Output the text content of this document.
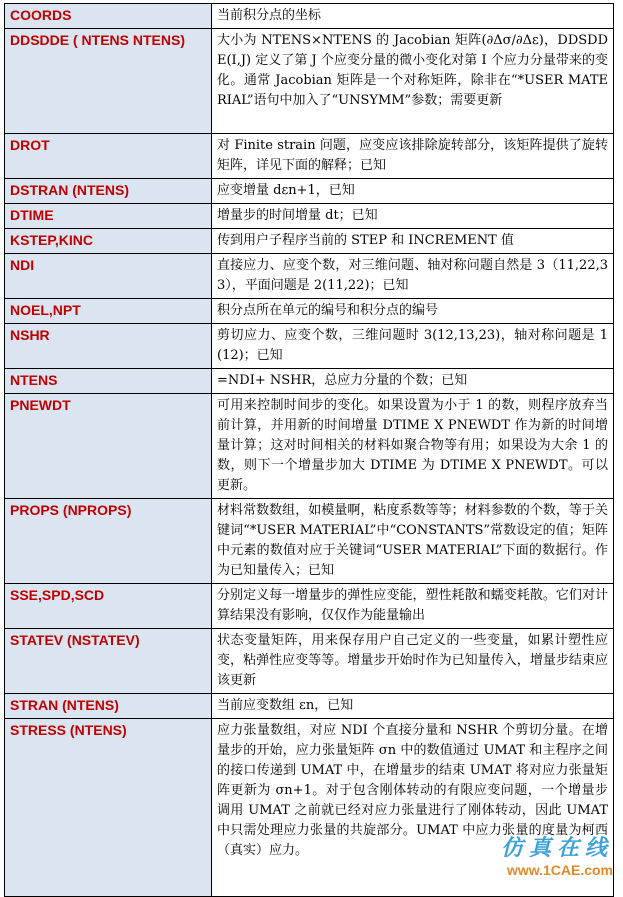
COORDS	当前积分点的坐标
DDSDDE ( NTENS NTENS)	大小为 NTENS×NTENS 的 Jacobian 矩阵(∂Δσ/∂Δε)，DDSDDE(I,J) 定义了第 J 个应变分量的微小变化对第 I 个应力分量带来的变化。通常 Jacobian 矩阵是一个对称矩阵，除非在“*USER MATERIAL”语句中加入了“UNSYMM”参数；需要更新
DROT	对 Finite strain 问题，应变应该排除旋转部分，该矩阵提供了旋转矩阵，详见下面的解释；已知
DSTRAN (NTENS)	应变增量 dεn+1，已知
DTIME	增量步的时间增量 dt；已知
KSTEP,KINC	传到用户子程序当前的 STEP 和 INCREMENT 值
NDI	直接应力、应变个数，对三维问题、轴对称问题自然是 3（11,22,33），平面问题是 2(11,22)；已知
NOEL,NPT	积分点所在单元的编号和积分点的编号
NSHR	剪切应力、应变个数，三维问题时 3(12,13,23)，轴对称问题是 1(12)；已知
NTENS	=NDI+ NSHR，总应力分量的个数；已知
PNEWDT	可用来控制时间步的变化。如果设置为小于 1 的数，则程序放弃当前计算，并用新的时间增量 DTIME X PNEWDT 作为新的时间增量计算；这对时间相关的材料如聚合物等有用；如果设为大余 1 的数，则下一个增量步加大 DTIME 为 DTIME X PNEWDT。可以更新。
PROPS (NPROPS)	材料常数数组，如模量啊，粘度系数等等；材料参数的个数，等于关键词“*USER MATERIAL”中“CONSTANTS”常数设定的值；矩阵中元素的数值对应于关键词“USER MATERIAL”下面的数据行。作为已知量传入；已知
SSE,SPD,SCD	分别定义每一增量步的弹性应变能，塑性耗散和蠕变耗散。它们对计算结果没有影响，仅仅作为能量输出
STATEV (NSTATEV)	状态变量矩阵，用来保存用户自己定义的一些变量，如累计塑性应变，粘弹性应变等等。增量步开始时作为已知量传入，增量步结束应该更新
STRAN (NTENS)	当前应变数组 εn，已知
STRESS (NTENS)	应力张量数组，对应 NDI 个直接分量和 NSHR 个剪切分量。在增量步的开始，应力张量矩阵 σn 中的数值通过 UMAT 和主程序之间的接口传递到 UMAT 中，在增量步的结束 UMAT 将对应力张量矩阵更新为 σn+1。对于包含刚体转动的有限应变问题，一个增量步调用 UMAT 之前就已经对应力张量进行了刚体转动，因此 UMAT 中只需处理应力张量的共旋部分。UMAT 中应力张量的度量为柯西（真实）应力。	仿真在线
www.1CAE.com
